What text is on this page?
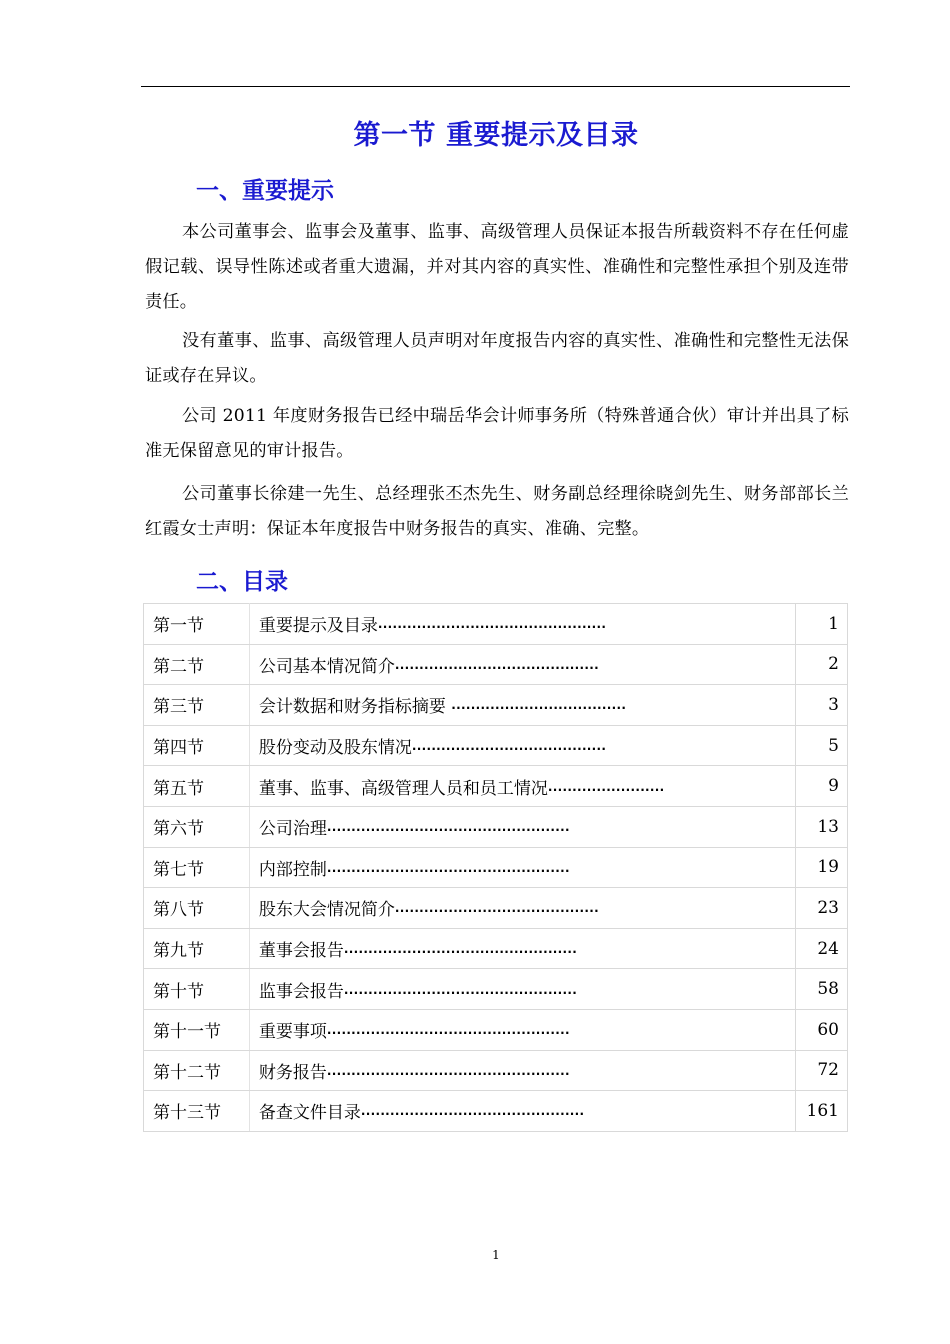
第一节 重要提示及目录
一、重要提示

本公司董事会、监事会及董事、监事、高级管理人员保证本报告所载资料不存在任何虚假记载、误导性陈述或者重大遗漏，并对其内容的真实性、准确性和完整性承担个别及连带责任。

没有董事、监事、高级管理人员声明对年度报告内容的真实性、准确性和完整性无法保证或存在异议。

公司 2011 年度财务报告已经中瑞岳华会计师事务所（特殊普通合伙）审计并出具了标准无保留意见的审计报告。

公司董事长徐建一先生、总经理张丕杰先生、财务副总经理徐晓剑先生、财务部部长兰红霞女士声明：保证本年度报告中财务报告的真实、准确、完整。

二、目录
第一节	重要提示及目录···············································	1
第二节	公司基本情况简介··········································	2
第三节	会计数据和财务指标摘要 ····································	3
第四节	股份变动及股东情况········································	5
第五节	董事、监事、高级管理人员和员工情况························	9
第六节	公司治理··················································	13
第七节	内部控制··················································	19
第八节	股东大会情况简介··········································	23
第九节	董事会报告················································	24
第十节	监事会报告················································	58
第十一节	重要事项··················································	60
第十二节	财务报告··················································	72
第十三节	备查文件目录··············································	161
1
